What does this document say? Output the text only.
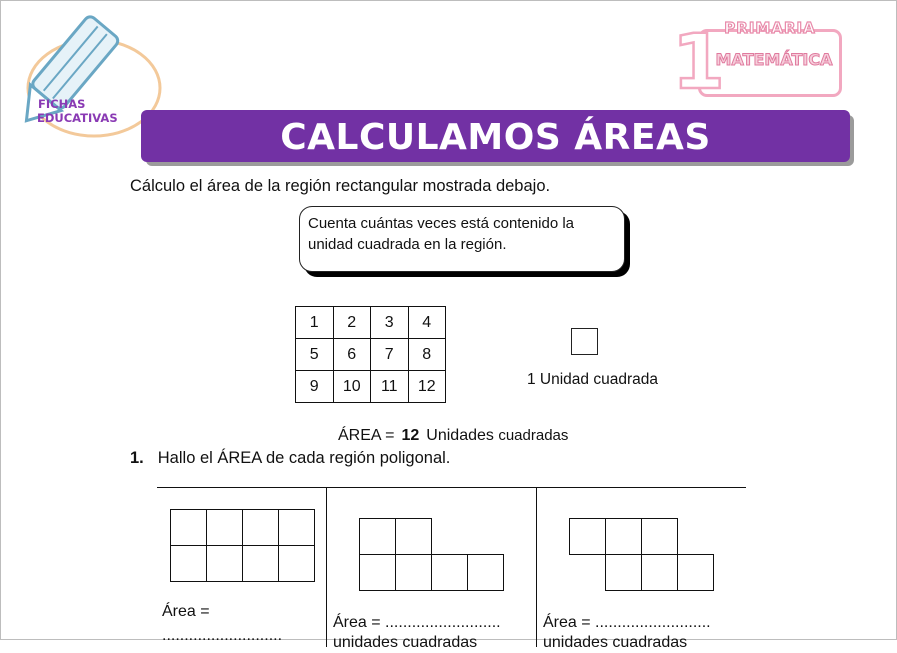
FICHAS
EDUCATIVAS
1 PRIMARIA
MATEMÁTICA
CALCULAMOS ÁREAS
Cálculo el área de la región rectangular mostrada debajo.
Cuenta cuántas veces está contenido la
unidad cuadrada en la región.
1	2	3	4
5	6	7	8
9	10	11	12	1 Unidad cuadrada
ÁREA = 12 Unidades cuadradas
1. Hallo el ÁREA de cada región poligonal.
Área =
...........................
Área = ..........................
unidades cuadradas
Área = ..........................
unidades cuadradas
